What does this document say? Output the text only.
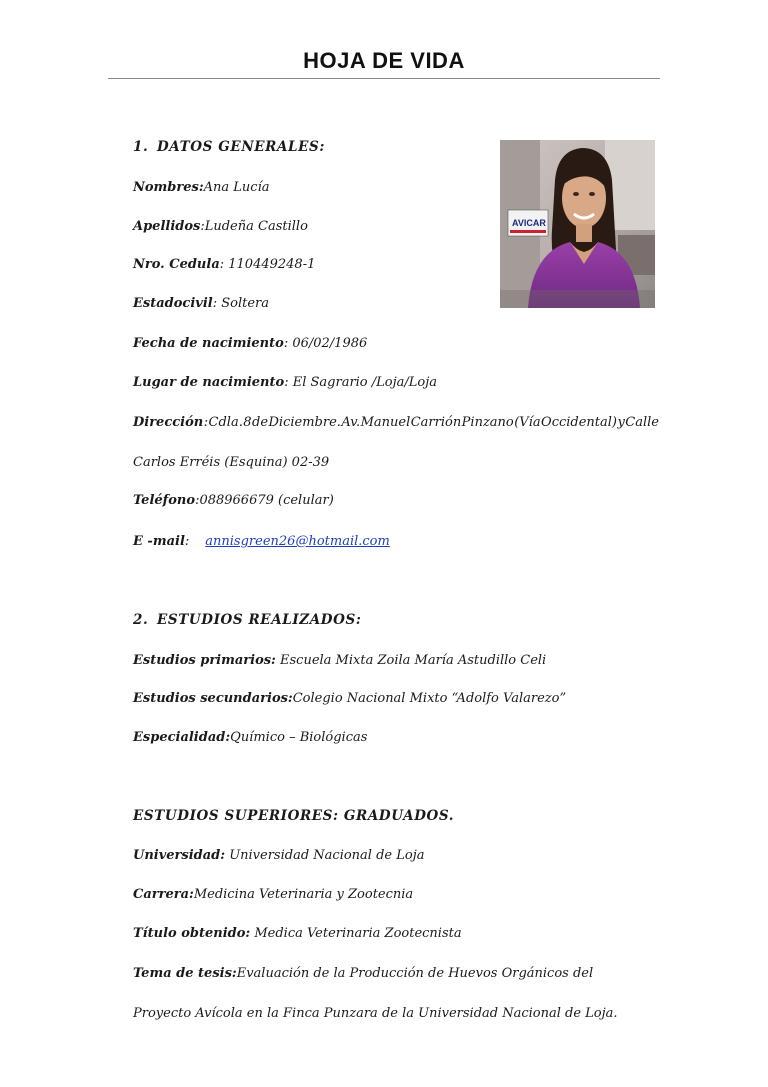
HOJA DE VIDA
1. DATOS GENERALES:
Nombres:Ana Lucía
Apellidos:Ludeña Castillo
Nro. Cedula: 110449248-1
Estadocivil: Soltera
Fecha de nacimiento: 06/02/1986
Lugar de nacimiento: El Sagrario /Loja/Loja
Dirección : Cdla. 8 de Diciembre. Av. Manuel Carrión Pinzano (Vía Occidental) y Calle
Carlos Erréis (Esquina) 02-39
Teléfono:088966679 (celular)
E -mail: annisgreen26@hotmail.com
AVICAR
2. ESTUDIOS REALIZADOS:
Estudios primarios: Escuela Mixta Zoila María Astudillo Celi
Estudios secundarios:Colegio Nacional Mixto “Adolfo Valarezo”
Especialidad:Químico – Biológicas
ESTUDIOS SUPERIORES: GRADUADOS.
Universidad: Universidad Nacional de Loja
Carrera:Medicina Veterinaria y Zootecnia
Título obtenido: Medica Veterinaria Zootecnista
Tema de tesis:Evaluación de la Producción de Huevos Orgánicos del
Proyecto Avícola en la Finca Punzara de la Universidad Nacional de Loja.
